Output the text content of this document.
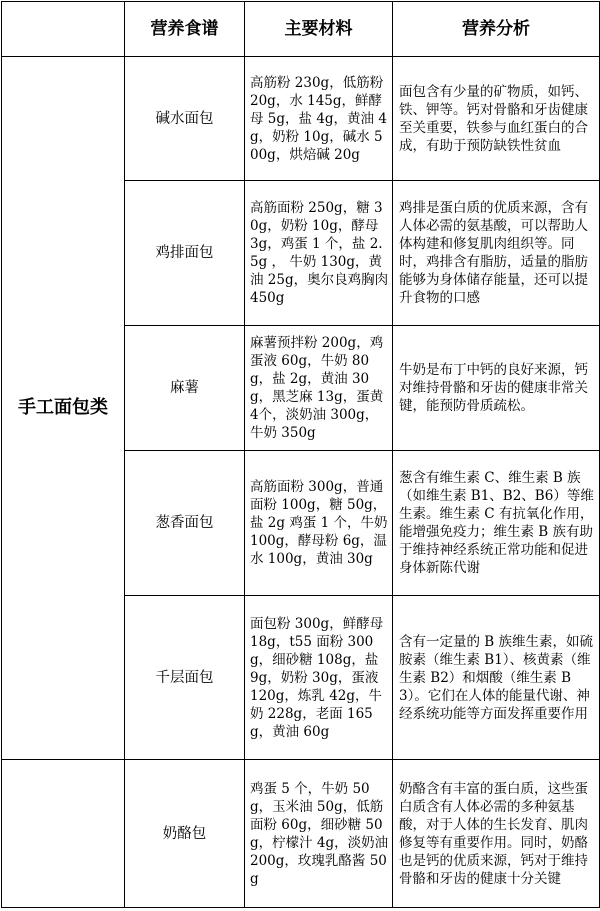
	营养食谱	主要材料	营养分析
手工面包类	碱水面包	高筋粉 230g，低筋粉 20g，水 145g，鲜酵母 5g，盐 4g，黄油 4g，奶粉 10g，碱水 500g，烘焙碱 20g	面包含有少量的矿物质，如钙、铁、钾等。钙对骨骼和牙齿健康至关重要，铁参与血红蛋白的合成，有助于预防缺铁性贫血
	鸡排面包	高筋面粉 250g，糖 30g，奶粉 10g，酵母 3g，鸡蛋 1 个，盐 2.5g ， 牛奶 130g，黄油 25g，奥尔良鸡胸肉 450g	鸡排是蛋白质的优质来源，含有人体必需的氨基酸，可以帮助人体构建和修复肌肉组织等。同时，鸡排含有脂肪，适量的脂肪能够为身体储存能量，还可以提升食物的口感
	麻薯	麻薯预拌粉 200g，鸡蛋液 60g，牛奶 80g，盐 2g，黄油 30g，黑芝麻 13g，蛋黄 4个，淡奶油 300g，牛奶 350g	牛奶是布丁中钙的良好来源，钙对维持骨骼和牙齿的健康非常关键，能预防骨质疏松。
	葱香面包	高筋面粉 300g，普通面粉 100g，糖 50g，盐 2g 鸡蛋 1 个，牛奶 100g，酵母粉 6g，温水 100g，黄油 30g	葱含有维生素 C、维生素 B 族（如维生素 B1、B2、B6）等维生素。维生素 C 有抗氧化作用，能增强免疫力；维生素 B 族有助于维持神经系统正常功能和促进身体新陈代谢
	千层面包	面包粉 300g，鲜酵母 18g，t55 面粉 300g，细砂糖 108g，盐 9g，奶粉 30g，蛋液 120g，炼乳 42g，牛奶 228g，老面 165g，黄油 60g	含有一定量的 B 族维生素，如硫胺素（维生素 B1）、核黄素（维生素 B2）和烟酸（维生素 B3）。它们在人体的能量代谢、神经系统功能等方面发挥重要作用
	奶酪包	鸡蛋 5 个，牛奶 50g，玉米油 50g，低筋面粉 60g，细砂糖 50g，柠檬汁 4g，淡奶油 200g，玫瑰乳酪酱 50g	奶酪含有丰富的蛋白质，这些蛋白质含有人体必需的多种氨基酸，对于人体的生长发育、肌肉修复等有重要作用。同时，奶酪也是钙的优质来源，钙对于维持骨骼和牙齿的健康十分关键
